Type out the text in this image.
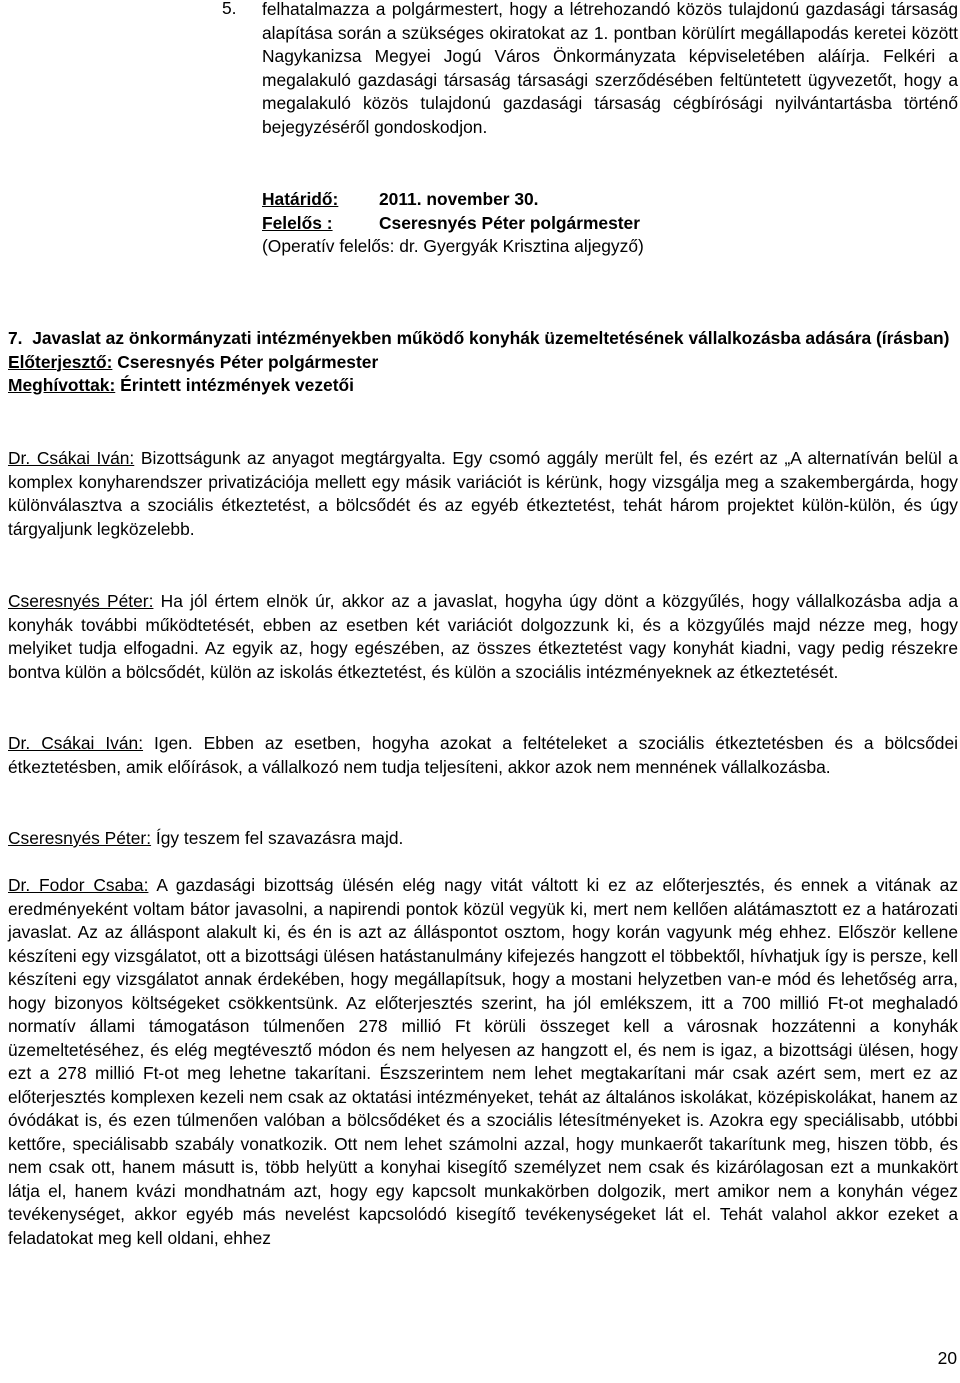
5. felhatalmazza a polgármestert, hogy a létrehozandó közös tulajdonú gazdasági társaság alapítása során a szükséges okiratokat az 1. pontban körülírt megállapodás keretei között Nagykanizsa Megyei Jogú Város Önkormányzata képviseletében aláírja. Felkéri a megalakuló gazdasági társaság társasági szerződésében feltüntetett ügyvezetőt, hogy a megalakuló közös tulajdonú gazdasági társaság cégbírósági nyilvántartásba történő bejegyzéséről gondoskodjon.

Határidő: 2011. november 30.
Felelős :	Cseresnyés Péter polgármester
(Operatív felelős: dr. Gyergyák Krisztina aljegyző)

7. Javaslat az önkormányzati intézményekben működő konyhák üzemeltetésének vállalkozásba adására (írásban)

Előterjesztő: Cseresnyés Péter polgármester

Meghívottak: Érintett intézmények vezetői

Dr. Csákai Iván: Bizottságunk az anyagot megtárgyalta. Egy csomó aggály merült fel, és ezért az „A alternatíván belül a komplex konyharendszer privatizációja mellett egy másik variációt is kérünk, hogy vizsgálja meg a szakembergárda, hogy különválasztva a szociális étkeztetést, a bölcsődét és az egyéb étkeztetést, tehát három projektet külön-külön, és úgy tárgyaljunk legközelebb.

Cseresnyés Péter: Ha jól értem elnök úr, akkor az a javaslat, hogyha úgy dönt a közgyűlés, hogy vállalkozásba adja a konyhák további működtetését, ebben az esetben két variációt dolgozzunk ki, és a közgyűlés majd nézze meg, hogy melyiket tudja elfogadni. Az egyik az, hogy egészében, az összes étkeztetést vagy konyhát kiadni, vagy pedig részekre bontva külön a bölcsődét, külön az iskolás étkeztetést, és külön a szociális intézményeknek az étkeztetését.

Dr. Csákai Iván: Igen. Ebben az esetben, hogyha azokat a feltételeket a szociális étkeztetésben és a bölcsődei étkeztetésben, amik előírások, a vállalkozó nem tudja teljesíteni, akkor azok nem mennének vállalkozásba.

Cseresnyés Péter: Így teszem fel szavazásra majd.

Dr. Fodor Csaba: A gazdasági bizottság ülésén elég nagy vitát váltott ki ez az előterjesztés, és ennek a vitának az eredményeként voltam bátor javasolni, a napirendi pontok közül vegyük ki, mert nem kellően alátámasztott ez a határozati javaslat. Az az álláspont alakult ki, és én is azt az álláspontot osztom, hogy korán vagyunk még ehhez. Először kellene készíteni egy vizsgálatot, ott a bizottsági ülésen hatástanulmány kifejezés hangzott el többektől, hívhatjuk így is persze, kell készíteni egy vizsgálatot annak érdekében, hogy megállapítsuk, hogy a mostani helyzetben van-e mód és lehetőség arra, hogy bizonyos költségeket csökkentsünk. Az előterjesztés szerint, ha jól emlékszem, itt a 700 millió Ft-ot meghaladó normatív állami támogatáson túlmenően 278 millió Ft körüli összeget kell a városnak hozzátenni a konyhák üzemeltetéséhez, és elég megtévesztő módon és nem helyesen az hangzott el, és nem is igaz, a bizottsági ülésen, hogy ezt a 278 millió Ft-ot meg lehetne takarítani. Észszerintem nem lehet megtakarítani már csak azért sem, mert ez az előterjesztés komplexen kezeli nem csak az oktatási intézményeket, tehát az általános iskolákat, középiskolákat, hanem az óvódákat is, és ezen túlmenően valóban a bölcsődéket és a szociális létesítményeket is. Azokra egy speciálisabb, utóbbi kettőre, speciálisabb szabály vonatkozik. Ott nem lehet számolni azzal, hogy munkaerőt takarítunk meg, hiszen több, és nem csak ott, hanem másutt is, több helyütt a konyhai kisegítő személyzet nem csak és kizárólagosan ezt a munkakört látja el, hanem kvázi mondhatnám azt, hogy egy kapcsolt munkakörben dolgozik, mert amikor nem a konyhán végez tevékenységet, akkor egyéb más nevelést kapcsolódó kisegítő tevékenységeket lát el. Tehát valahol akkor ezeket a feladatokat meg kell oldani, ehhez

20
